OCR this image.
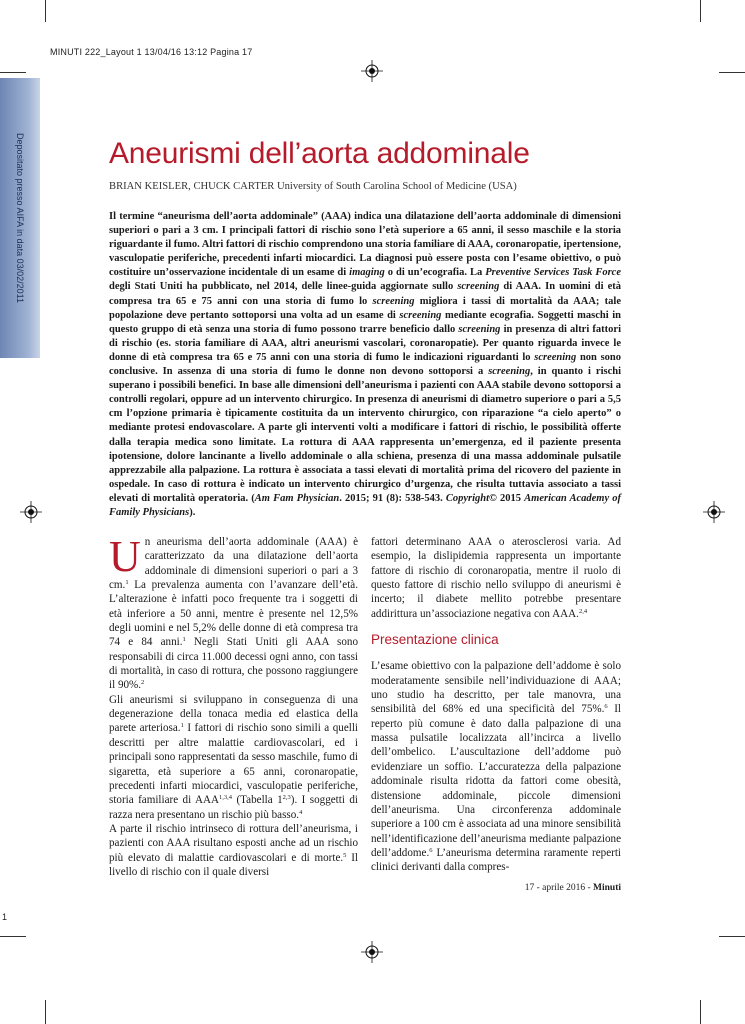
MINUTI 222_Layout 1 13/04/16 13:12 Pagina 17
Depositato presso AIFA in data 03/02/2011
1
Aneurismi dell’aorta addominale
BRIAN KEISLER, CHUCK CARTER University of South Carolina School of Medicine (USA)
Il termine “aneurisma dell’aorta addominale” (AAA) indica una dilatazione dell’aorta addominale di dimensioni superiori o pari a 3 cm. I principali fattori di rischio sono l’età superiore a 65 anni, il sesso maschile e la storia riguardante il fumo. Altri fattori di rischio comprendono una storia familiare di AAA, coronaropatie, ipertensione, vasculopatie periferiche, precedenti infarti miocardici. La diagnosi può essere posta con l’esame obiettivo, o può costituire un’osservazione incidentale di un esame di imaging o di un’ecografia. La Preventive Services Task Force degli Stati Uniti ha pubblicato, nel 2014, delle linee-guida aggiornate sullo screening di AAA. In uomini di età compresa tra 65 e 75 anni con una storia di fumo lo screening migliora i tassi di mortalità da AAA; tale popolazione deve pertanto sottoporsi una volta ad un esame di screening mediante ecografia. Soggetti maschi in questo gruppo di età senza una storia di fumo possono trarre beneficio dallo screening in presenza di altri fattori di rischio (es. storia familiare di AAA, altri aneurismi vascolari, coronaropatie). Per quanto riguarda invece le donne di età compresa tra 65 e 75 anni con una storia di fumo le indicazioni riguardanti lo screening non sono conclusive. In assenza di una storia di fumo le donne non devono sottoporsi a screening, in quanto i rischi superano i possibili benefici. In base alle dimensioni dell’aneurisma i pazienti con AAA stabile devono sottoporsi a controlli regolari, oppure ad un intervento chirurgico. In presenza di aneurismi di diametro superiore o pari a 5,5 cm l’opzione primaria è tipicamente costituita da un intervento chirurgico, con riparazione “a cielo aperto” o mediante protesi endovascolare. A parte gli interventi volti a modificare i fattori di rischio, le possibilità offerte dalla terapia medica sono limitate. La rottura di AAA rappresenta un’emergenza, ed il paziente presenta ipotensione, dolore lancinante a livello addominale o alla schiena, presenza di una massa addominale pulsatile apprezzabile alla palpazione. La rottura è associata a tassi elevati di mortalità prima del ricovero del paziente in ospedale. In caso di rottura è indicato un intervento chirurgico d’urgenza, che risulta tuttavia associato a tassi elevati di mortalità operatoria. (Am Fam Physician. 2015; 91 (8): 538-543. Copyright© 2015 American Academy of Family Physicians).

Un aneurisma dell’aorta addominale (AAA) è caratterizzato da una dilatazione dell’aorta addominale di dimensioni superiori o pari a 3 cm.$^1$ La prevalenza aumenta con l’avanzare dell’età. L’alterazione è infatti poco frequente tra i soggetti di età inferiore a 50 anni, mentre è presente nel 12,5% degli uomini e nel 5,2% delle donne di età compresa tra 74 e 84 anni.$^1$ Negli Stati Uniti gli AAA sono responsabili di circa 11.000 decessi ogni anno, con tassi di mortalità, in caso di rottura, che possono raggiungere il 90%.$^2$

Gli aneurismi si sviluppano in conseguenza di una degenerazione della tonaca media ed elastica della parete arteriosa.$^1$ I fattori di rischio sono simili a quelli descritti per altre malattie cardiovascolari, ed i principali sono rappresentati da sesso maschile, fumo di sigaretta, età superiore a 65 anni, coronaropatie, precedenti infarti miocardici, vasculopatie periferiche, storia familiare di AAA$^{1,3,4}$ (Tabella 1$^{2,3}$). I soggetti di razza nera presentano un rischio più basso.$^4$

A parte il rischio intrinseco di rottura dell’aneurisma, i pazienti con AAA risultano esposti anche ad un rischio più elevato di malattie cardiovascolari e di morte.$^5$ Il livello di rischio con il quale diversi

fattori determinano AAA o aterosclerosi varia. Ad esempio, la dislipidemia rappresenta un importante fattore di rischio di coronaropatia, mentre il ruolo di questo fattore di rischio nello sviluppo di aneurismi è incerto; il diabete mellito potrebbe presentare addirittura un’associazione negativa con AAA.$^{2,4}$

Presentazione clinica

L’esame obiettivo con la palpazione dell’addome è solo moderatamente sensibile nell’individuazione di AAA; uno studio ha descritto, per tale manovra, una sensibilità del 68% ed una specificità del 75%.$^6$ Il reperto più comune è dato dalla palpazione di una massa pulsatile localizzata all’incirca a livello dell’ombelico. L’auscultazione dell’addome può evidenziare un soffio. L’accuratezza della palpazione addominale risulta ridotta da fattori come obesità, distensione addominale, piccole dimensioni dell’aneurisma. Una circonferenza addominale superiore a 100 cm è associata ad una minore sensibilità nell’identificazione dell’aneurisma mediante palpazione dell’addome.$^6$ L’aneurisma determina raramente reperti clinici derivanti dalla compres-

17 - aprile 2016 - Minuti
